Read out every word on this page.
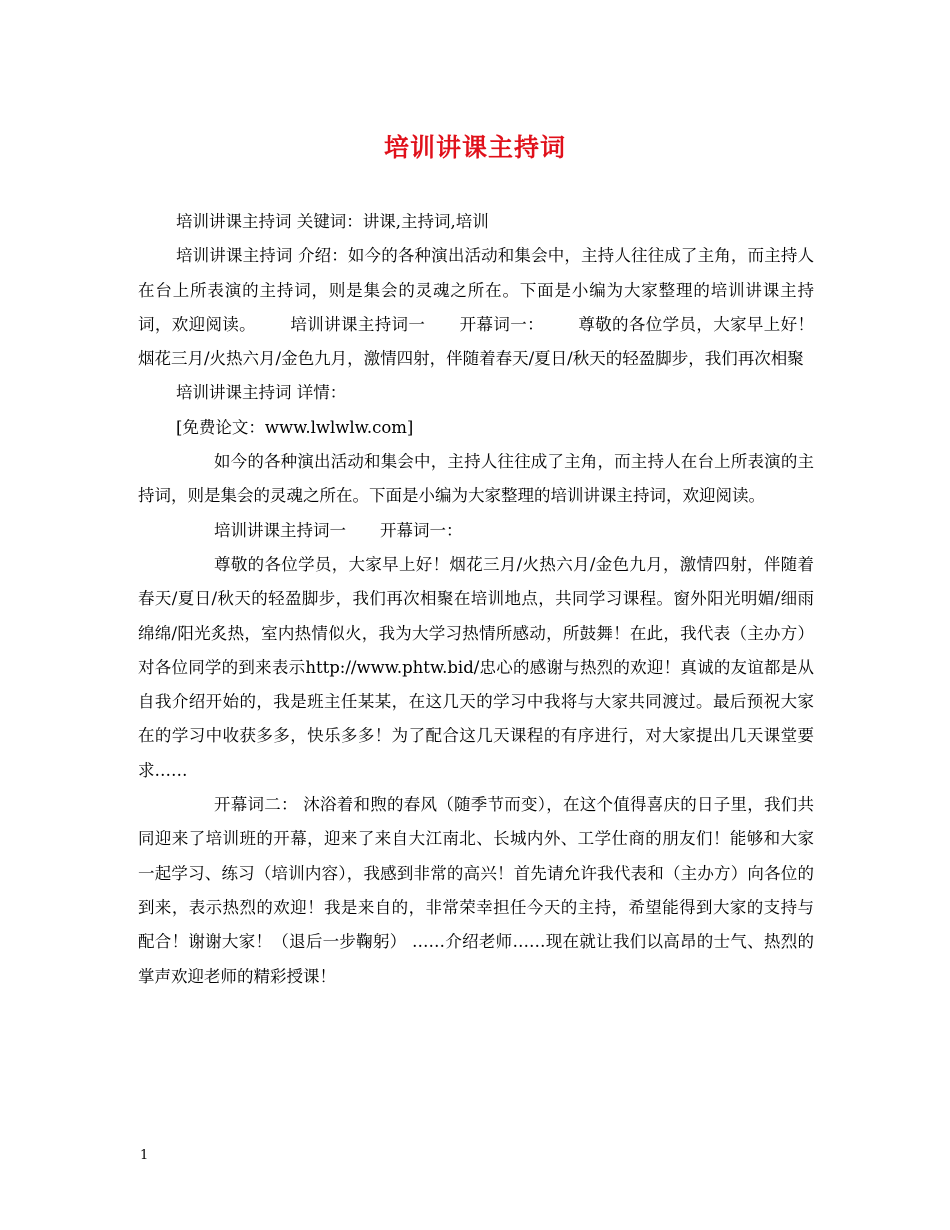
培训讲课主持词

培训讲课主持词 关键词：讲课,主持词,培训

培训讲课主持词 介绍：如今的各种演出活动和集会中，主持人往往成了主角，而主持人在台上所表演的主持词，则是集会的灵魂之所在。下面是小编为大家整理的培训讲课主持词，欢迎阅读。 培训讲课主持词一 开幕词一： 尊敬的各位学员，大家早上好！烟花三月/火热六月/金色九月，激情四射，伴随着春天/夏日/秋天的轻盈脚步，我们再次相聚

培训讲课主持词 详情：

[免费论文：www.lwlwlw.com]

如今的各种演出活动和集会中，主持人往往成了主角，而主持人在台上所表演的主持词，则是集会的灵魂之所在。下面是小编为大家整理的培训讲课主持词，欢迎阅读。

培训讲课主持词一 开幕词一：

尊敬的各位学员，大家早上好！烟花三月/火热六月/金色九月，激情四射，伴随着春天/夏日/秋天的轻盈脚步，我们再次相聚在培训地点，共同学习课程。窗外阳光明媚/细雨绵绵/阳光炙热，室内热情似火，我为大学习热情所感动，所鼓舞！在此，我代表（主办方）对各位同学的到来表示http://www.phtw.bid/忠心的感谢与热烈的欢迎！真诚的友谊都是从自我介绍开始的，我是班主任某某，在这几天的学习中我将与大家共同渡过。最后预祝大家在的学习中收获多多，快乐多多！为了配合这几天课程的有序进行，对大家提出几天课堂要求……

开幕词二： 沐浴着和煦的春风（随季节而变），在这个值得喜庆的日子里，我们共同迎来了培训班的开幕，迎来了来自大江南北、长城内外、工学仕商的朋友们！能够和大家一起学习、练习（培训内容），我感到非常的高兴！首先请允许我代表和（主办方）向各位的到来，表示热烈的欢迎！我是来自的，非常荣幸担任今天的主持，希望能得到大家的支持与配合！谢谢大家！（退后一步鞠躬） ……介绍老师……现在就让我们以高昂的士气、热烈的掌声欢迎老师的精彩授课！

1
